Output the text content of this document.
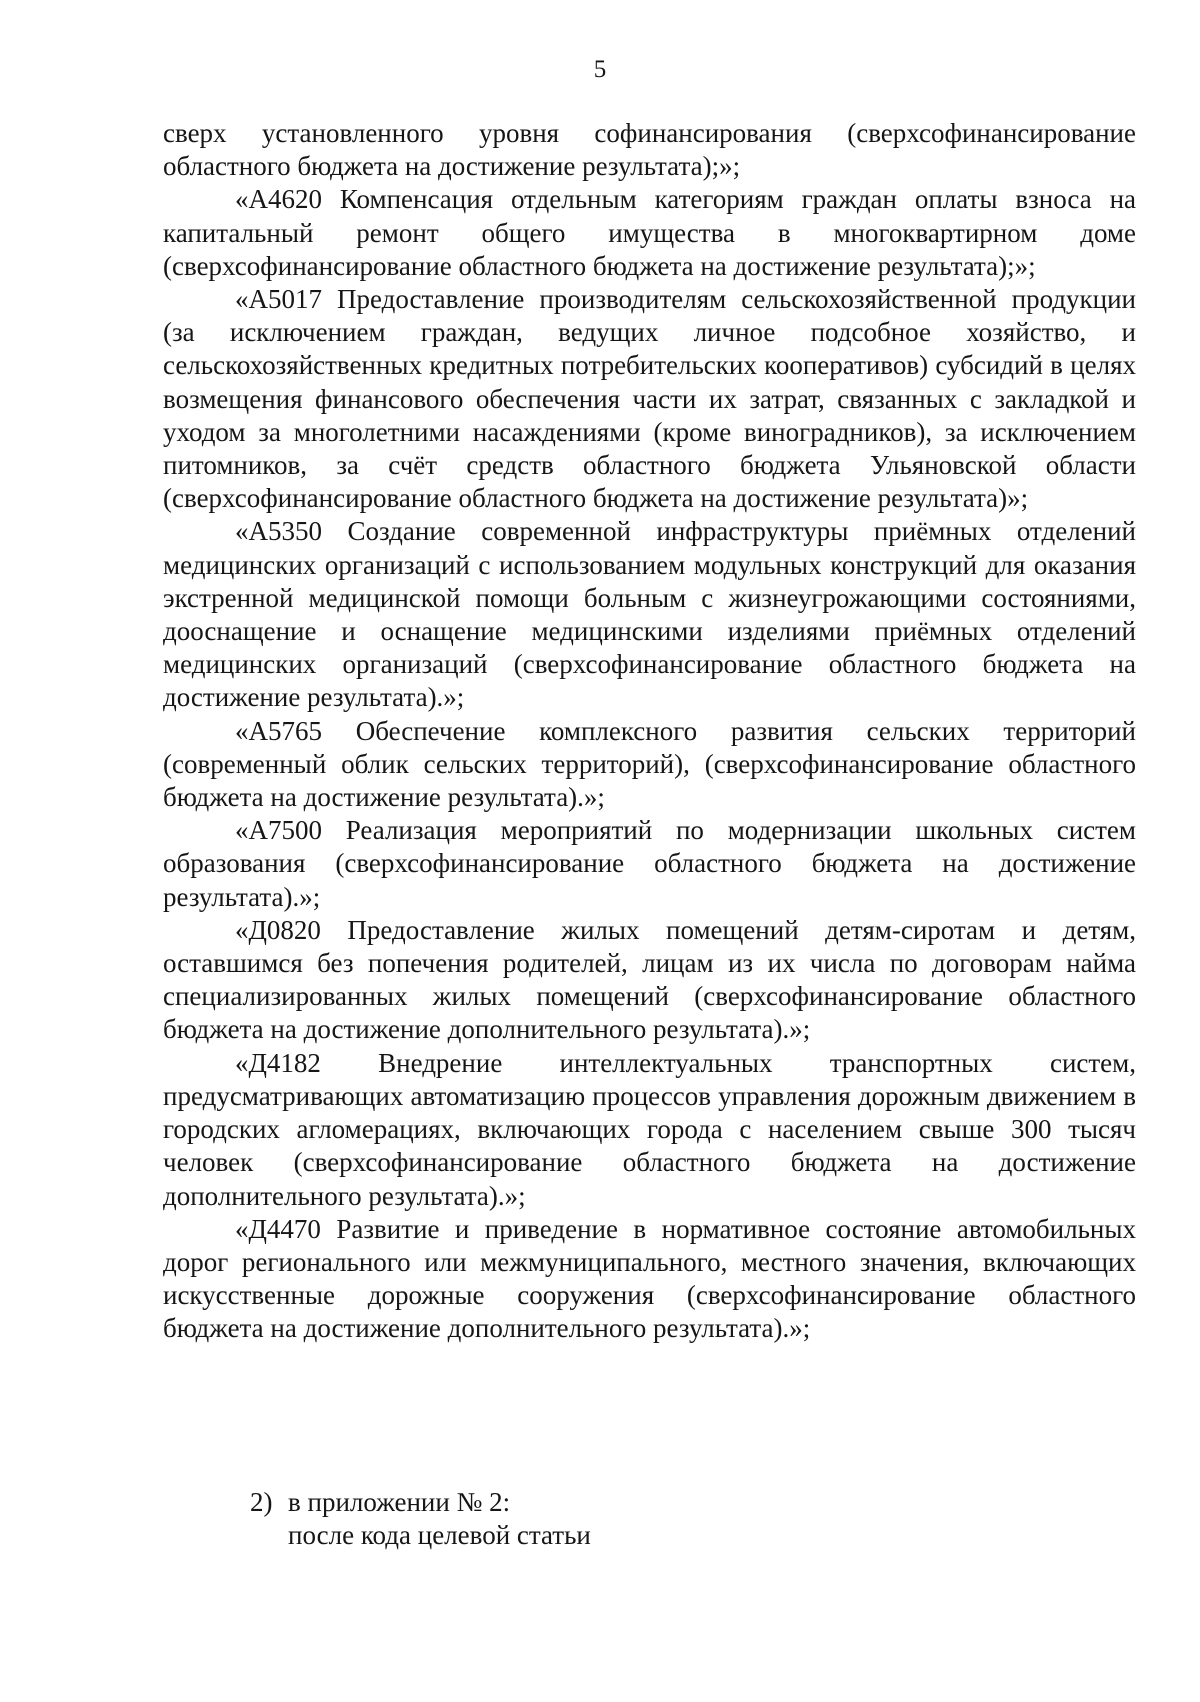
5

сверх установленного уровня софинансирования (сверхсофинансирование областного бюджета на достижение результата);»;

«А4620 Компенсация отдельным категориям граждан оплаты взноса на капитальный ремонт общего имущества в многоквартирном доме (сверхсофинансирование областного бюджета на достижение результата);»;

«А5017 Предоставление производителям сельскохозяйственной продукции (за исключением граждан, ведущих личное подсобное хозяйство, и сельскохозяйственных кредитных потребительских кооперативов) субсидий в целях возмещения финансового обеспечения части их затрат, связанных с закладкой и уходом за многолетними насаждениями (кроме виноградников), за исключением питомников, за счёт средств областного бюджета Ульяновской области (сверхсофинансирование областного бюджета на достижение результата)»;

«А5350 Создание современной инфраструктуры приёмных отделений медицинских организаций с использованием модульных конструкций для оказания экстренной медицинской помощи больным с жизнеугрожающими состояниями, дооснащение и оснащение медицинскими изделиями приёмных отделений медицинских организаций (сверхсофинансирование областного бюджета на достижение результата).»;

«А5765 Обеспечение комплексного развития сельских территорий (современный облик сельских территорий), (сверхсофинансирование областного бюджета на достижение результата).»;

«А7500 Реализация мероприятий по модернизации школьных систем образования (сверхсофинансирование областного бюджета на достижение результата).»;

«Д0820 Предоставление жилых помещений детям-сиротам и детям, оставшимся без попечения родителей, лицам из их числа по договорам найма специализированных жилых помещений (сверхсофинансирование областного бюджета на достижение дополнительного результата).»;

«Д4182 Внедрение интеллектуальных транспортных систем, предусматривающих автоматизацию процессов управления дорожным движением в городских агломерациях, включающих города с населением свыше 300 тысяч человек (сверхсофинансирование областного бюджета на достижение дополнительного результата).»;

«Д4470 Развитие и приведение в нормативное состояние автомобильных дорог регионального или межмуниципального, местного значения, включающих искусственные дорожные сооружения (сверхсофинансирование областного бюджета на достижение дополнительного результата).»;

2) в приложении № 2:

после кода целевой статьи
